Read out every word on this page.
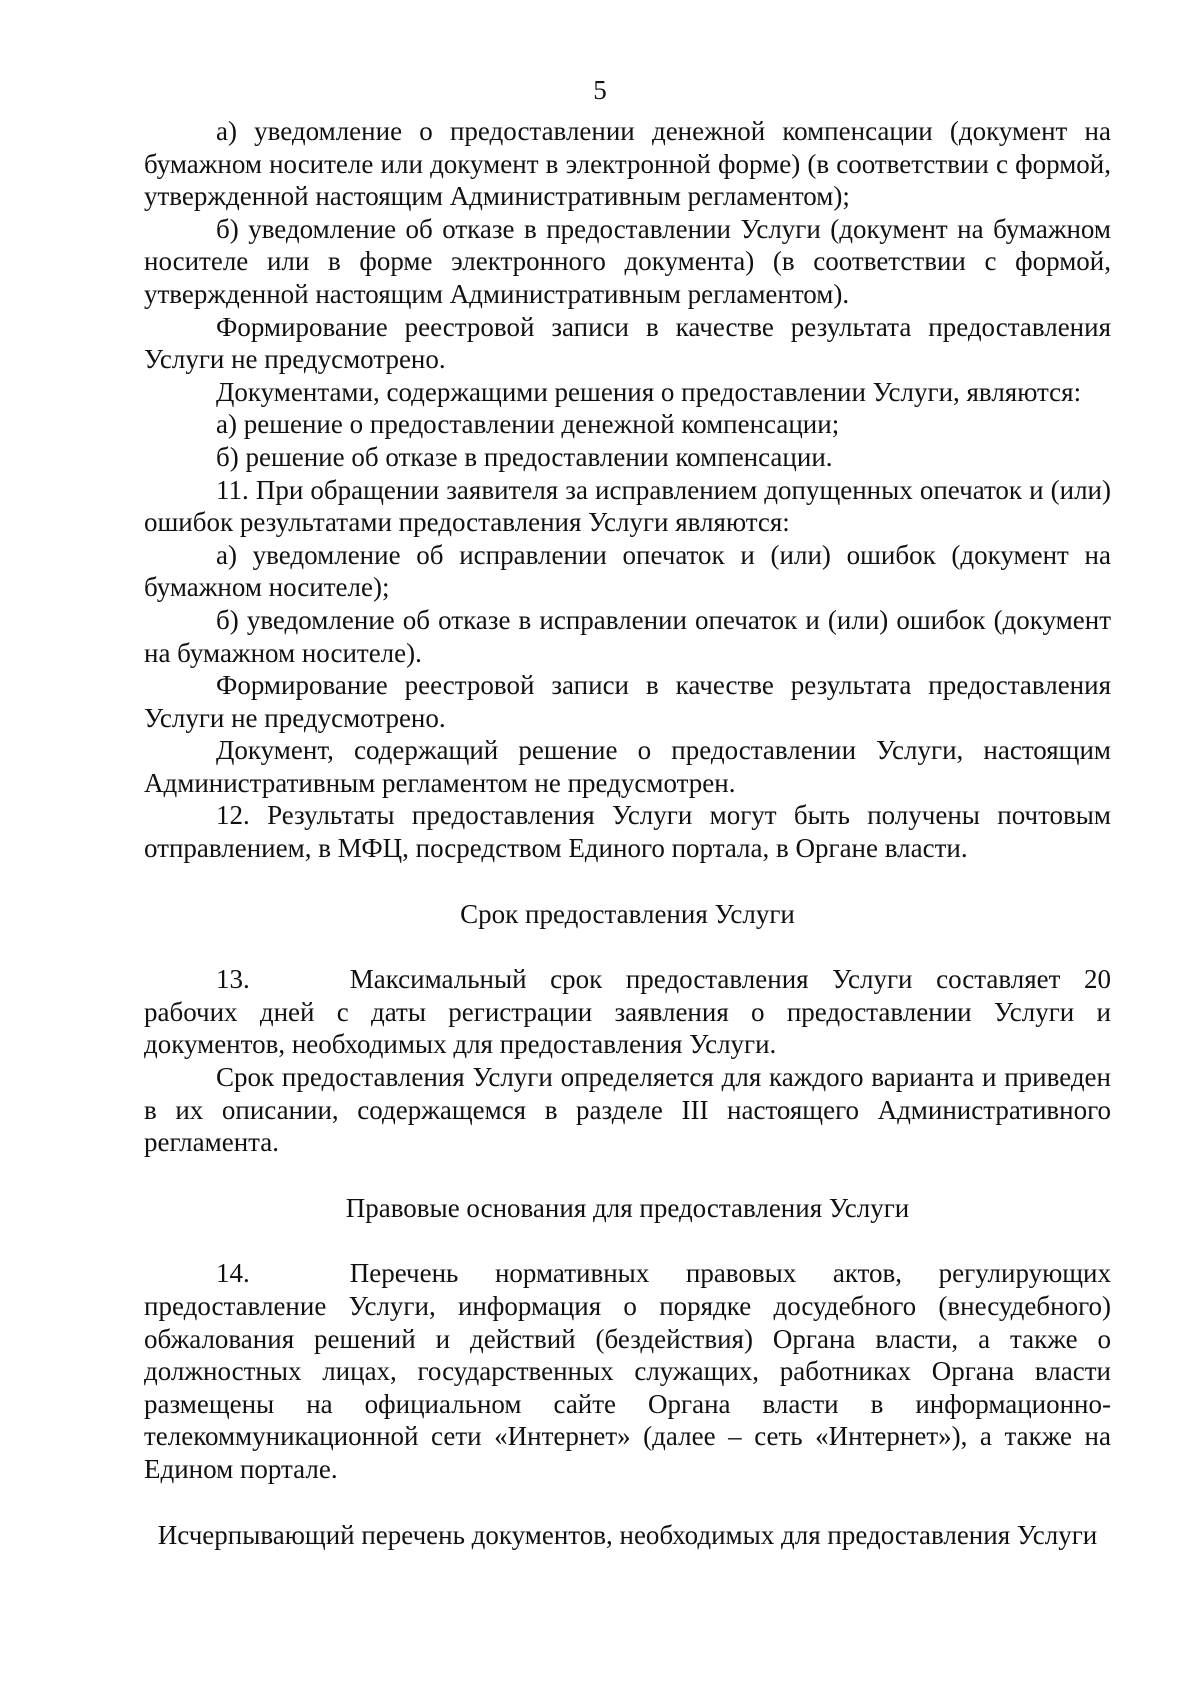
5

а) уведомление о предоставлении денежной компенсации (документ на бумажном носителе или документ в электронной форме) (в соответствии с формой, утвержденной настоящим Административным регламентом);

б) уведомление об отказе в предоставлении Услуги (документ на бумажном носителе или в форме электронного документа) (в соответствии с формой, утвержденной настоящим Административным регламентом).

Формирование реестровой записи в качестве результата предоставления Услуги не предусмотрено.

Документами, содержащими решения о предоставлении Услуги, являются:

а) решение о предоставлении денежной компенсации;

б) решение об отказе в предоставлении компенсации.

11. При обращении заявителя за исправлением допущенных опечаток и (или) ошибок результатами предоставления Услуги являются:

а) уведомление об исправлении опечаток и (или) ошибок (документ на бумажном носителе);

б) уведомление об отказе в исправлении опечаток и (или) ошибок (документ на бумажном носителе).

Формирование реестровой записи в качестве результата предоставления Услуги не предусмотрено.

Документ, содержащий решение о предоставлении Услуги, настоящим Административным регламентом не предусмотрен.

12. Результаты предоставления Услуги могут быть получены почтовым отправлением, в МФЦ, посредством Единого портала, в Органе власти.

Срок предоставления Услуги

13.	Максимальный срок предоставления Услуги составляет 20 рабочих дней с даты регистрации заявления о предоставлении Услуги и документов, необходимых для предоставления Услуги.

Срок предоставления Услуги определяется для каждого варианта и приведен в их описании, содержащемся в разделе III настоящего Административного регламента.

Правовые основания для предоставления Услуги

14.	Перечень нормативных правовых актов, регулирующих предоставление Услуги, информация о порядке досудебного (внесудебного) обжалования решений и действий (бездействия) Органа власти, а также о должностных лицах, государственных служащих, работниках Органа власти размещены на официальном сайте Органа власти в информационно-телекоммуникационной сети «Интернет» (далее – сеть «Интернет»), а также на Едином портале.

Исчерпывающий перечень документов, необходимых для предоставления Услуги
